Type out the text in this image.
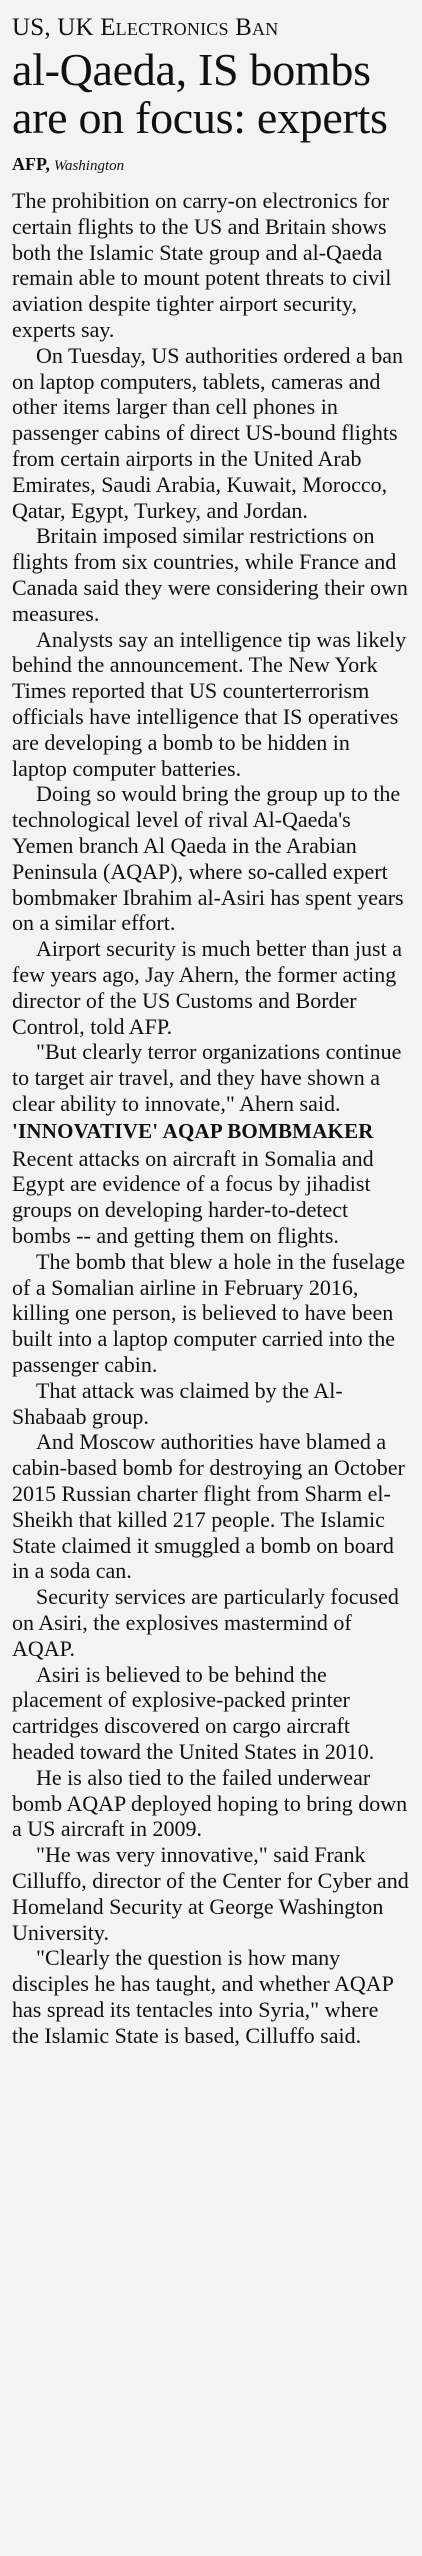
US, UK Electronics Ban
al-Qaeda, IS bombs are on focus: experts
AFP, Washington

The prohibition on carry-on electronics for certain flights to the US and Britain shows both the Islamic State group and al-Qaeda remain able to mount potent threats to civil aviation despite tighter airport security, experts say.

On Tuesday, US authorities ordered a ban on laptop computers, tablets, cameras and other items larger than cell phones in passenger cabins of direct US-bound flights from certain airports in the United Arab Emirates, Saudi Arabia, Kuwait, Morocco, Qatar, Egypt, Turkey, and Jordan.

Britain imposed similar restrictions on flights from six countries, while France and Canada said they were considering their own measures.

Analysts say an intelligence tip was likely behind the announcement. The New York Times reported that US counterterrorism officials have intelligence that IS operatives are developing a bomb to be hidden in laptop computer batteries.

Doing so would bring the group up to the technological level of rival Al-Qaeda's Yemen branch Al Qaeda in the Arabian Peninsula (AQAP), where so-called expert bombmaker Ibrahim al-Asiri has spent years on a similar effort.

Airport security is much better than just a few years ago, Jay Ahern, the former acting director of the US Customs and Border Control, told AFP.

"But clearly terror organizations continue to target air travel, and they have shown a clear ability to innovate," Ahern said.

'INNOVATIVE' AQAP BOMBMAKER

Recent attacks on aircraft in Somalia and Egypt are evidence of a focus by jihadist groups on developing harder-to-detect bombs -- and getting them on flights.

The bomb that blew a hole in the fuselage of a Somalian airline in February 2016, killing one person, is believed to have been built into a laptop computer carried into the passenger cabin.

That attack was claimed by the Al-Shabaab group.

And Moscow authorities have blamed a cabin-based bomb for destroying an October 2015 Russian charter flight from Sharm el-Sheikh that killed 217 people. The Islamic State claimed it smuggled a bomb on board in a soda can.

Security services are particularly focused on Asiri, the explosives mastermind of AQAP.

Asiri is believed to be behind the placement of explosive-packed printer cartridges discovered on cargo aircraft headed toward the United States in 2010.

He is also tied to the failed underwear bomb AQAP deployed hoping to bring down a US aircraft in 2009.

"He was very innovative," said Frank Cilluffo, director of the Center for Cyber and Homeland Security at George Washington University.

"Clearly the question is how many disciples he has taught, and whether AQAP has spread its tentacles into Syria," where the Islamic State is based, Cilluffo said.
